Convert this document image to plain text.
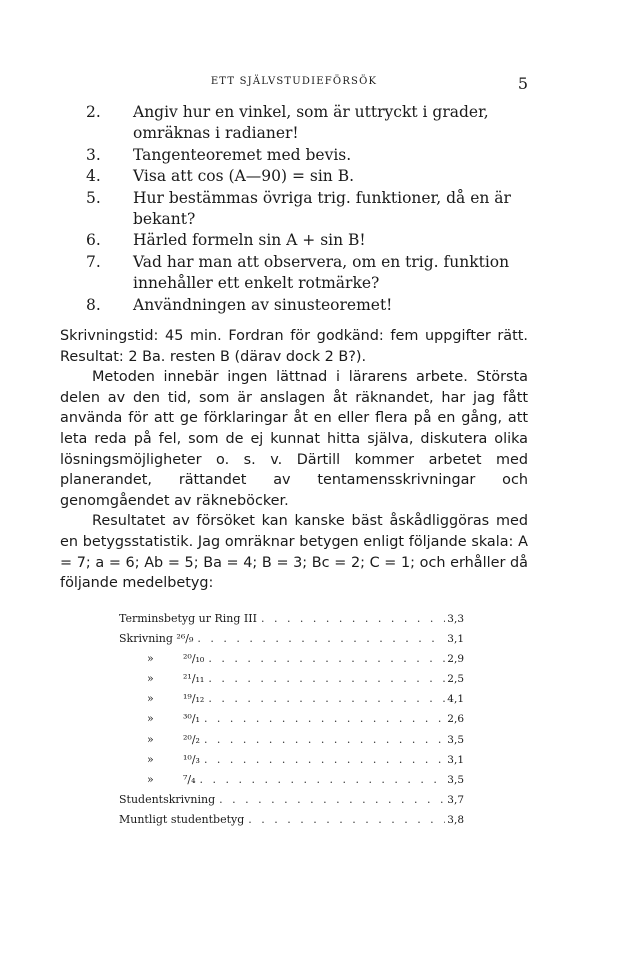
ETT SJÄLVSTUDIEFÖRSÖK	5
2. Angiv hur en vinkel, som är uttryckt i grader, omräknas i radianer!
3. Tangenteoremet med bevis.
4. Visa att cos (A—90) = sin B.
5. Hur bestämmas övriga trig. funktioner, då en är bekant?
6. Härled formeln sin A + sin B!
7. Vad har man att observera, om en trig. funktion innehåller ett enkelt rotmärke?
8. Användningen av sinusteoremet!

Skrivningstid: 45 min. Fordran för godkänd: fem uppgifter rätt. Resultat: 2 Ba. resten B (därav dock 2 B?).

Metoden innebär ingen lättnad i lärarens arbete. Största delen av den tid, som är anslagen åt räknandet, har jag fått använda för att ge förklaringar åt en eller flera på en gång, att leta reda på fel, som de ej kunnat hitta själva, diskutera olika lösningsmöjligheter o. s. v. Därtill kommer arbetet med planerandet, rättandet av tentamensskrivningar och genomgåendet av räkneböcker.

Resultatet av försöket kan kanske bäst åskådliggöras med en betygsstatistik. Jag omräknar betygen enligt följande skala: A = 7; a = 6; Ab = 5; Ba = 4; B = 3; Bc = 2; C = 1; och erhåller då följande medelbetyg:

Terminsbetyg ur Ring III . . .	3,3
Skrivning ²⁶/₉ . . .	3,1
»	²⁰/₁₀ . . .	2,9
»	²¹/₁₁ . . .	2,5
»	¹⁹/₁₂ . . .	4,1
»	³⁰/₁ . . .	2,6
»	²⁰/₂ . . .	3,5
»	¹⁰/₃ . . .	3,1
»	⁷/₄ . . .	3,5
Studentskrivning . . .	3,7
Muntligt studentbetyg . . .	3,8
